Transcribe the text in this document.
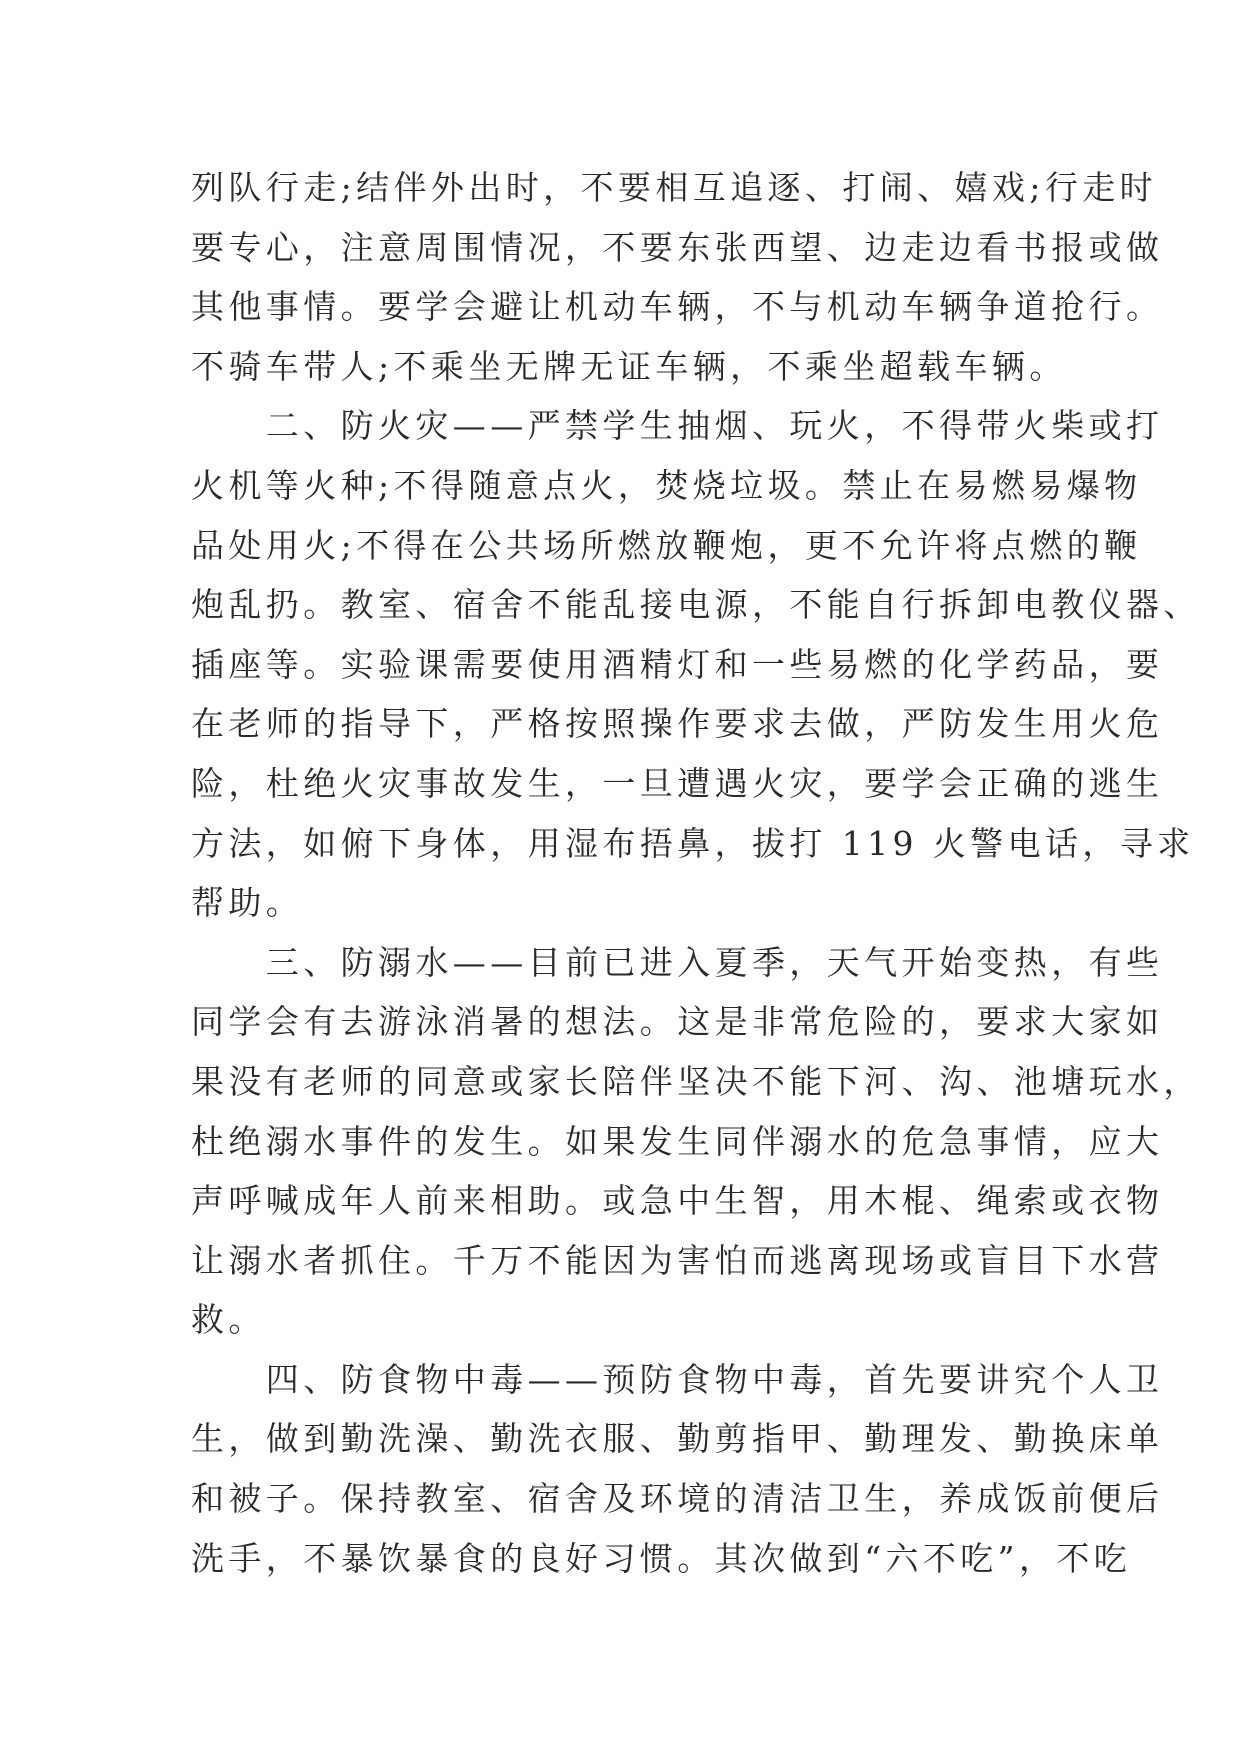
列队行走;结伴外出时，不要相互追逐、打闹、嬉戏;行走时
要专心，注意周围情况，不要东张西望、边走边看书报或做
其他事情。要学会避让机动车辆，不与机动车辆争道抢行。
不骑车带人;不乘坐无牌无证车辆，不乘坐超载车辆。
　　二、防火灾——严禁学生抽烟、玩火，不得带火柴或打
火机等火种;不得随意点火，焚烧垃圾。禁止在易燃易爆物
品处用火;不得在公共场所燃放鞭炮，更不允许将点燃的鞭
炮乱扔。教室、宿舍不能乱接电源，不能自行拆卸电教仪器、
插座等。实验课需要使用酒精灯和一些易燃的化学药品，要
在老师的指导下，严格按照操作要求去做，严防发生用火危
险，杜绝火灾事故发生，一旦遭遇火灾，要学会正确的逃生
方法，如俯下身体，用湿布捂鼻，拔打 119 火警电话，寻求
帮助。
　　三、防溺水——目前已进入夏季，天气开始变热，有些
同学会有去游泳消暑的想法。这是非常危险的，要求大家如
果没有老师的同意或家长陪伴坚决不能下河、沟、池塘玩水，
杜绝溺水事件的发生。如果发生同伴溺水的危急事情，应大
声呼喊成年人前来相助。或急中生智，用木棍、绳索或衣物
让溺水者抓住。千万不能因为害怕而逃离现场或盲目下水营
救。
　　四、防食物中毒——预防食物中毒，首先要讲究个人卫
生，做到勤洗澡、勤洗衣服、勤剪指甲、勤理发、勤换床单
和被子。保持教室、宿舍及环境的清洁卫生，养成饭前便后
洗手，不暴饮暴食的良好习惯。其次做到“六不吃”，不吃
